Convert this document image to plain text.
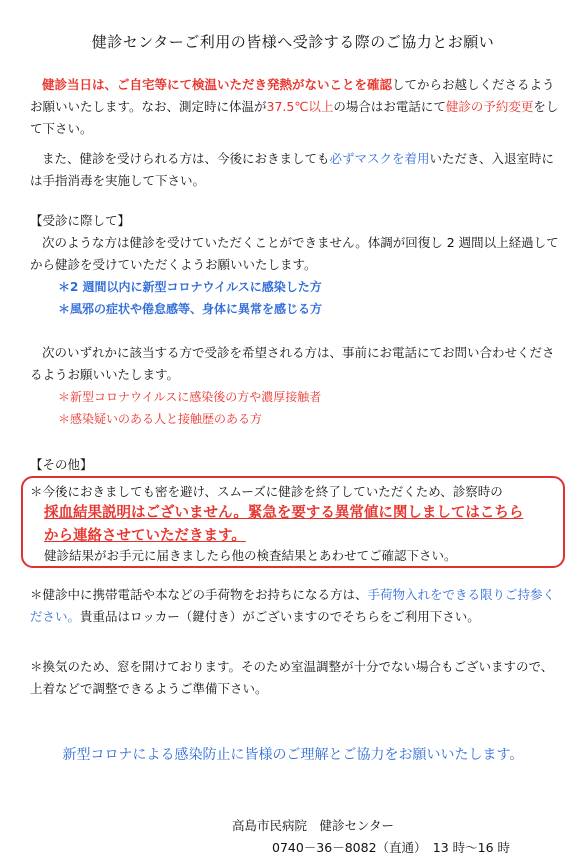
健診センターご利用の皆様へ受診する際のご協力とお願い

健診当日は、ご自宅等にて検温いただき発熱がないことを確認してからお越しくださるようお願いいたします。なお、測定時に体温が37.5℃以上の場合はお電話にて健診の予約変更をして下さい。

また、健診を受けられる方は、今後におきましても必ずマスクを着用いただき、入退室時には手指消毒を実施して下さい。

【受診に際して】

次のような方は健診を受けていただくことができません。体調が回復し 2 週間以上経過してから健診を受けていただくようお願いいたします。

＊2 週間以内に新型コロナウイルスに感染した方

＊風邪の症状や倦怠感等、身体に異常を感じる方

次のいずれかに該当する方で受診を希望される方は、事前にお電話にてお問い合わせくださるようお願いいたします。

＊新型コロナウイルスに感染後の方や濃厚接触者

＊感染疑いのある人と接触歴のある方

【その他】

＊今後におきましても密を避け、スムーズに健診を終了していただくため、診察時の

採血結果説明はございません。緊急を要する異常値に関しましてはこちら

から連絡させていただきます。

健診結果がお手元に届きましたら他の検査結果とあわせてご確認下さい。

＊健診中に携帯電話や本などの手荷物をお持ちになる方は、手荷物入れをできる限りご持参ください。貴重品はロッカー（鍵付き）がございますのでそちらをご利用下さい。

＊換気のため、窓を開けております。そのため室温調整が十分でない場合もございますので、上着などで調整できるようご準備下さい。

新型コロナによる感染防止に皆様のご理解とご協力をお願いいたします。

高島市民病院　健診センター

0740－36－8082（直通）　13 時～16 時
